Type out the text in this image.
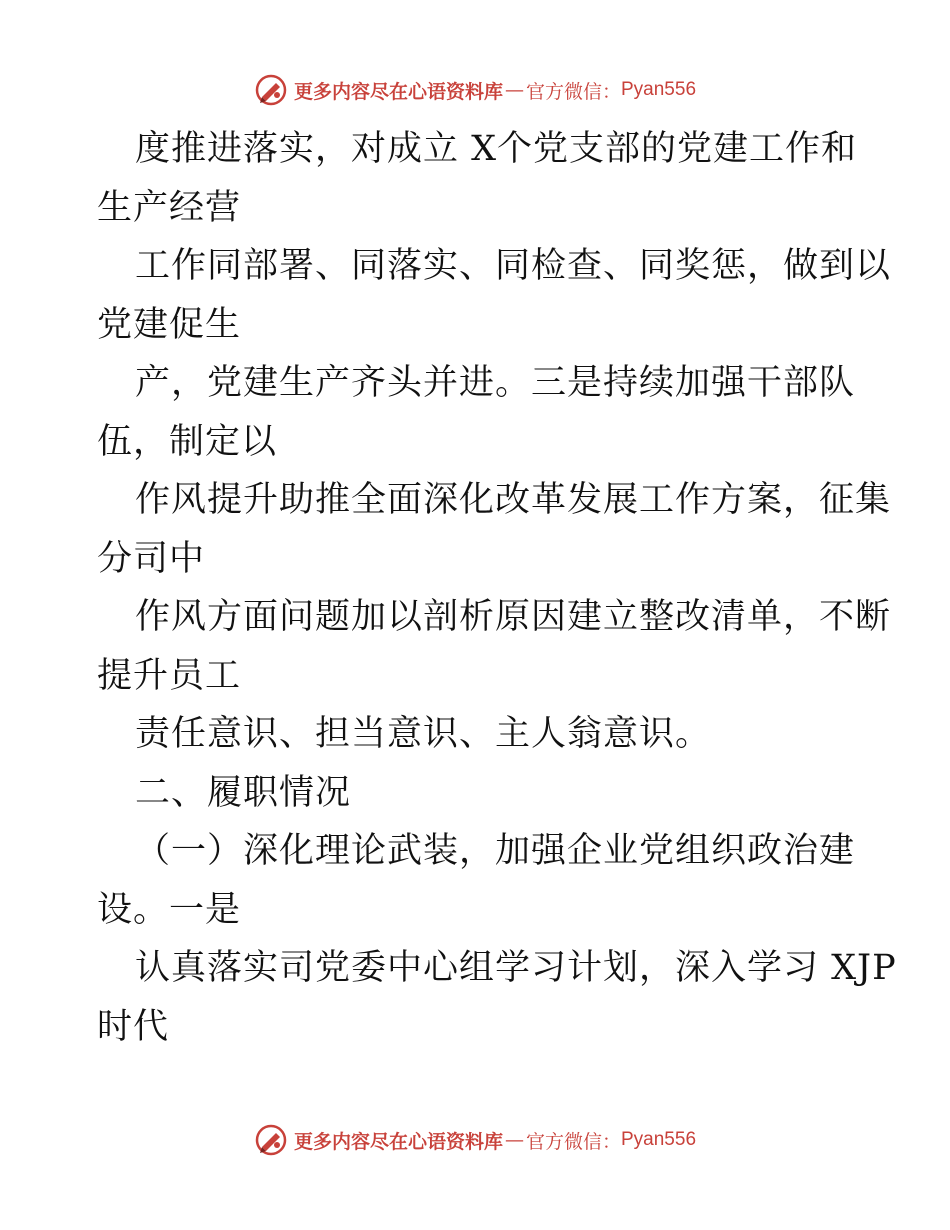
更多内容尽在心语资料库 — 官方微信： Pyan556
度推进落实，对成立 X个党支部的党建工作和
生产经营
工作同部署、同落实、同检查、同奖惩，做到以
党建促生
产，党建生产齐头并进。三是持续加强干部队
伍，制定以
作风提升助推全面深化改革发展工作方案，征集
分司中
作风方面问题加以剖析原因建立整改清单，不断
提升员工
责任意识、担当意识、主人翁意识。
二、履职情况
（一）深化理论武装，加强企业党组织政治建
设。一是
认真落实司党委中心组学习计划，深入学习 XJP
时代
更多内容尽在心语资料库 — 官方微信： Pyan556
